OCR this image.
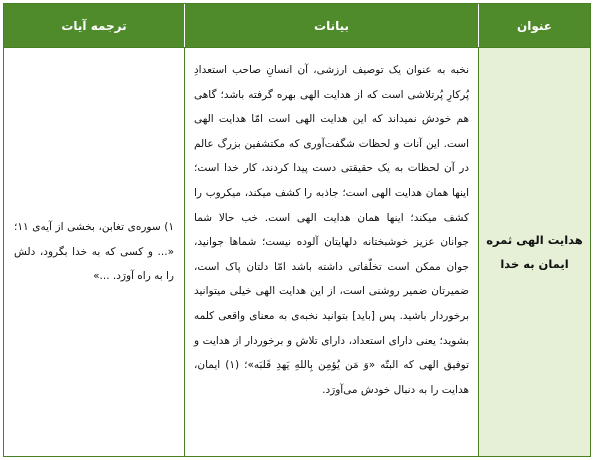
عنوان
بیانات
ترجمه آیات
هدایت الهی ثمره ایمان به خدا
نخبه به عنوان یک توصیف ارزشی، آن انسانِ صاحب استعدادِ پُرکارِ پُرتلاشی است که از هدایت الهی بهره گرفته باشد؛ گاهی هم خودش نمیداند که این هدایت الهی است امّا هدایت الهی است. این آنات و لحظات شگفت‌آوری که مکتشفین بزرگ عالم در آن لحظات به یک حقیقتی دست پیدا کردند، کار خدا است؛ اینها همان هدایت الهی است؛ جاذبه را کشف میکند، میکروب را کشف میکند؛ اینها همان هدایت الهی است. خب حالا شما جوانان عزیز خوشبختانه دلهایتان آلوده نیست؛ شماها جوانید، جوان ممکن است تخلّفاتی داشته باشد امّا دلتان پاک است، ضمیرتان ضمیر روشنی است، از این هدایت الهی خیلی میتوانید برخوردار باشید. پس [باید] بتوانید نخبه‌ی به معنای واقعی کلمه بشوید؛ یعنی دارای استعداد، دارای تلاش و برخوردار از هدایت و توفیق الهی که البتّه «وَ مَن یُؤمِن بِاللهِ یَهدِ قَلبَه»؛ (۱) ایمان، هدایت را به دنبال خودش می‌آورَد.

۱) سوره‌ی تغابن، بخشی از آیه‌ی ۱۱؛ «... و کسی که به خدا بگرود، دلش را به راه آورَد. ...»
